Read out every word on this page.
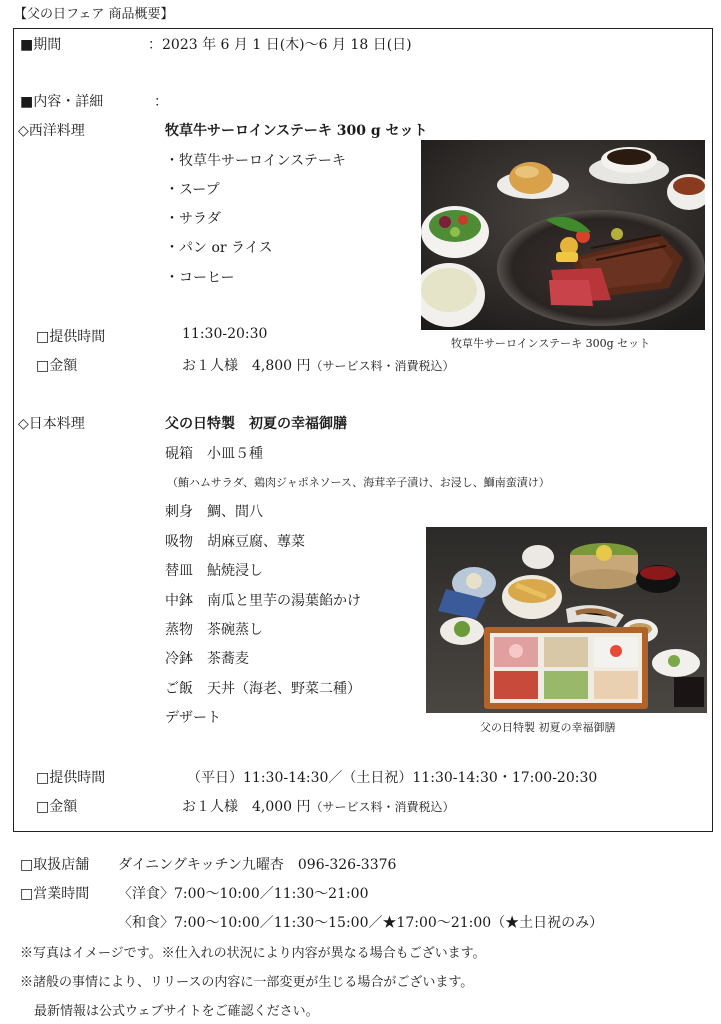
【父の日フェア 商品概要】
■期間	：2023 年 6 月 1 日(木)～6 月 18 日(日)
■内容・詳細	：
◇西洋料理	牧草牛サーロインステーキ 300 g セット
・牧草牛サーロインステーキ
・スープ
・サラダ
・パン or ライス
・コーヒー
牧草牛サーロインステーキ 300g セット
□提供時間	11:30-20:30
□金額	お１人様　4,800 円（サービス料・消費税込）
◇日本料理	父の日特製　初夏の幸福御膳
硯箱　小皿５種
（鮪ハムサラダ、鶏肉ジャポネソース、海茸辛子漬け、お浸し、鰤南蛮漬け）
刺身　鯛、間八
吸物　胡麻豆腐、蓴菜
替皿　鮎焼浸し
中鉢　南瓜と里芋の湯葉餡かけ
蒸物　茶碗蒸し
冷鉢　茶蕎麦
ご飯　天丼（海老、野菜二種）
デザート
父の日特製 初夏の幸福御膳
□提供時間	（平日）11:30-14:30／（土日祝）11:30-14:30・17:00-20:30
□金額	お１人様　4,000 円（サービス料・消費税込）
□取扱店舗 ダイニングキッチン九曜杏　096-326-3376
□営業時間 〈洋食〉7:00～10:00／11:30～21:00
〈和食〉7:00～10:00／11:30～15:00／★17:00～21:00（★土日祝のみ）
※写真はイメージです。※仕入れの状況により内容が異なる場合もございます。
※諸般の事情により、リリースの内容に一部変更が生じる場合がございます。
最新情報は公式ウェブサイトをご確認ください。
